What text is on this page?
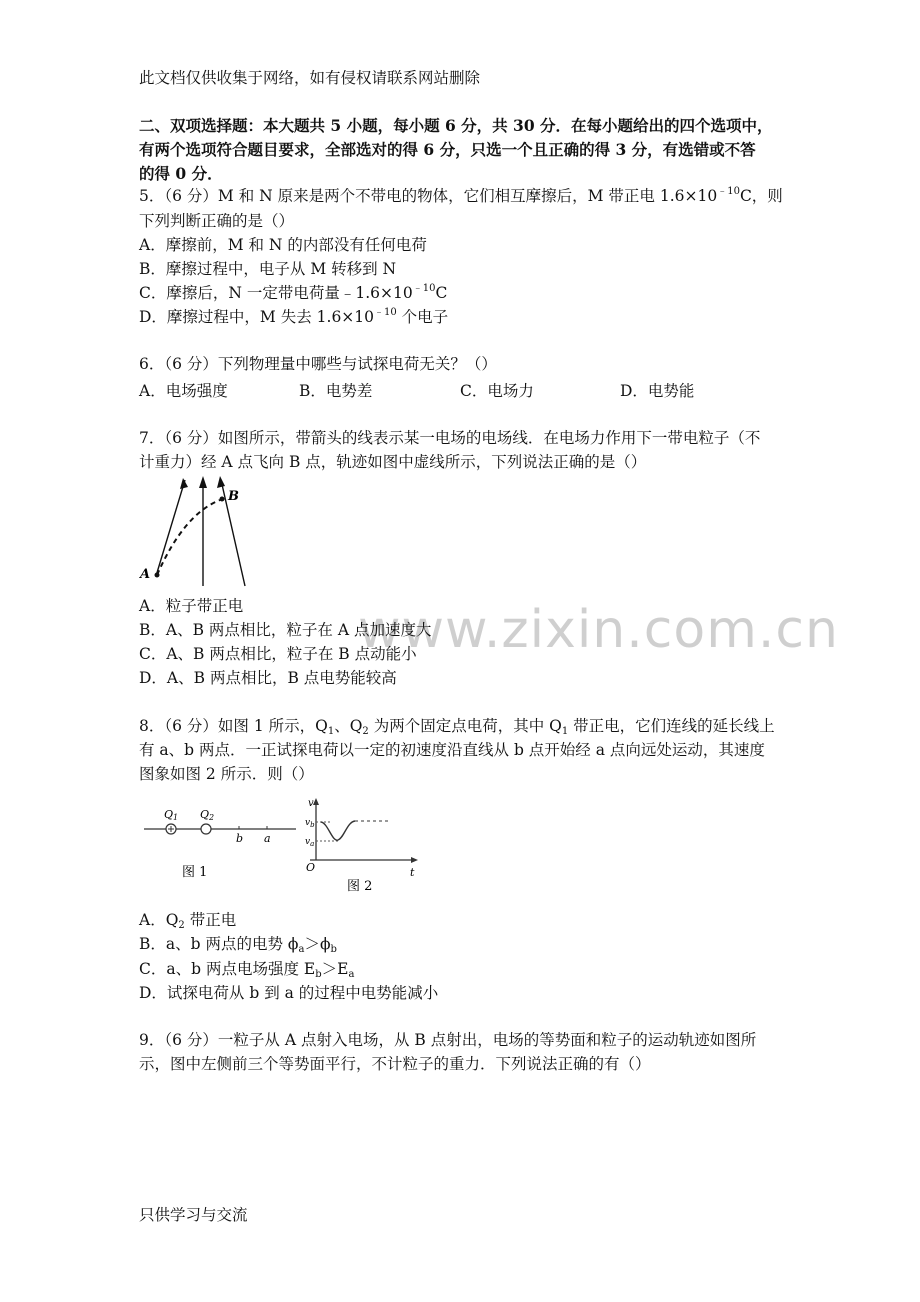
www.zixin.com.cn
此文档仅供收集于网络，如有侵权请联系网站删除
二、双项选择题：本大题共 5 小题，每小题 6 分，共 30 分．在每小题给出的四个选项中，
有两个选项符合题目要求，全部选对的得 6 分，只选一个且正确的得 3 分，有选错或不答
的得 0 分．
5．（6 分）M 和 N 原来是两个不带电的物体，它们相互摩擦后，M 带正电 $1.6\times 10^{﹣10}C$，则
下列判断正确的是（）
A．摩擦前，M 和 N 的内部没有任何电荷
B．摩擦过程中，电子从 M 转移到 N
C．摩擦后，N 一定带电荷量$﹣1.6\times 10^{﹣10}C$
D．摩擦过程中，M 失去 $1.6\times 10^{﹣10}$ 个电子
6．（6 分）下列物理量中哪些与试探电荷无关？（）
A．电场强度	B．电势差	C．电场力	D．电势能
7．（6 分）如图所示，带箭头的线表示某一电场的电场线．在电场力作用下一带电粒子（不
计重力）经 A 点飞向 B 点，轨迹如图中虚线所示，下列说法正确的是（）
A
B
A．粒子带正电
B．A、B 两点相比，粒子在 A 点加速度大
C．A、B 两点相比，粒子在 B 点动能小
D．A、B 两点相比，B 点电势能较高
8．（6 分）如图 1 所示，$Q_1$、$Q_2$ 为两个固定点电荷，其中 $Q_1$ 带正电，它们连线的延长线上
有 a、b 两点．一正试探电荷以一定的初速度沿直线从 b 点开始经 a 点向远处运动，其速度
图象如图 2 所示．则（）
Q1 Q2
b a
图 1
v
$v_b$
$v_a$
O	t
图 2
A．$Q_2$ 带正电
B．a、b 两点的电势 $\phi_a>\phi_b$
C．a、b 两点电场强度 $E_b>E_a$
D．试探电荷从 b 到 a 的过程中电势能减小
9．（6 分）一粒子从 A 点射入电场，从 B 点射出，电场的等势面和粒子的运动轨迹如图所
示，图中左侧前三个等势面平行，不计粒子的重力．下列说法正确的有（）
只供学习与交流
